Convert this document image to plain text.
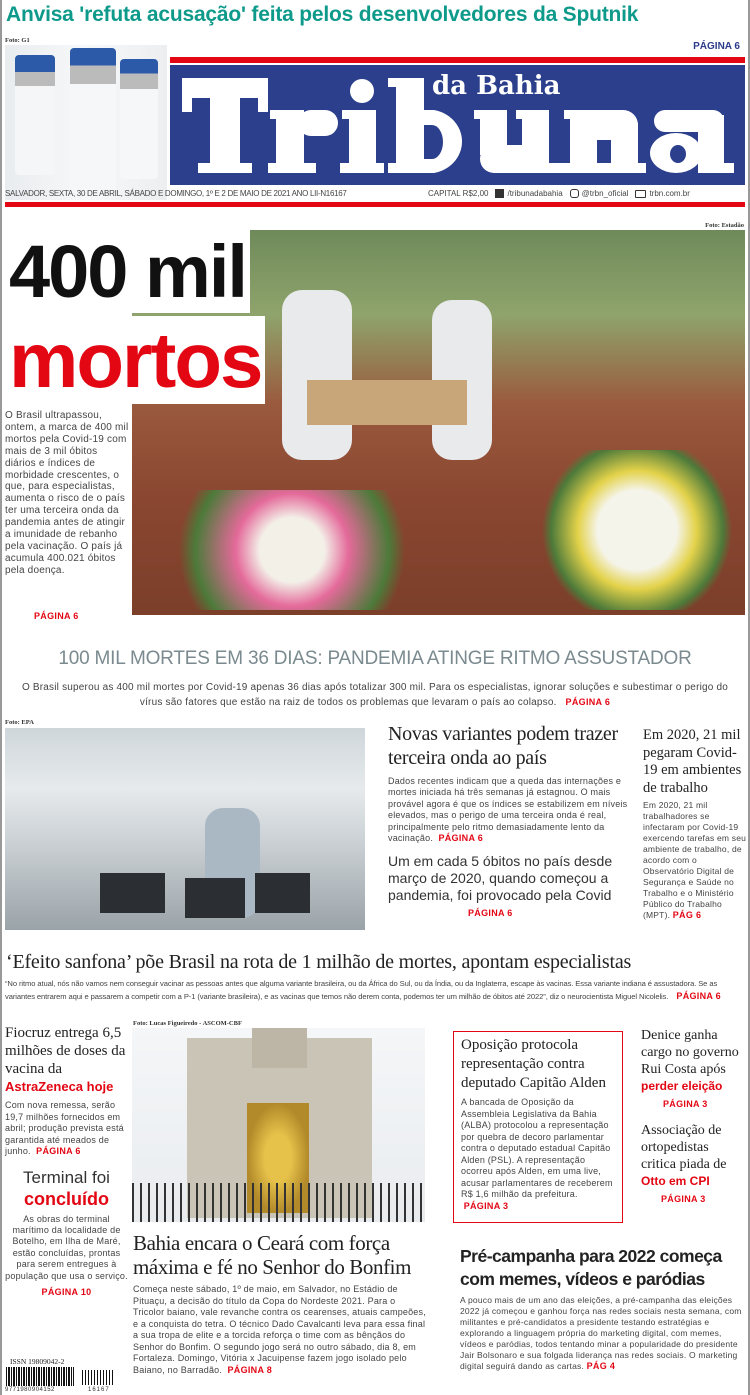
Anvisa 'refuta acusação' feita pelos desenvolvedores da Sputnik
Foto: G1
PÁGINA 6
da Bahia
SALVADOR, SEXTA, 30 DE ABRIL, SÁBADO E DOMINGO, 1º E 2 DE MAIO DE 2021 ANO LII-N16167	CAPITAL R$2,00 /tribunadabahia @trbn_oficial	trbn.com.br
Foto: Estadão
400 mil
mortos
O Brasil ultrapassou, ontem, a marca de 400 mil mortos pela Covid-19 com mais de 3 mil óbitos diários e índices de morbidade crescentes, o que, para especialistas, aumenta o risco de o país ter uma terceira onda da pandemia antes de atingir a imunidade de rebanho pela vacinação. O país já acumula 400.021 óbitos pela doença.
PÁGINA 6
100 MIL MORTES EM 36 DIAS: PANDEMIA ATINGE RITMO ASSUSTADOR
O Brasil superou as 400 mil mortes por Covid-19 apenas 36 dias após totalizar 300 mil. Para os especialistas, ignorar soluções e subestimar o perigo do vírus são fatores que estão na raiz de todos os problemas que levaram o país ao colapso. PÁGINA 6
Foto: EPA
Novas variantes podem trazer terceira onda ao país
Dados recentes indicam que a queda das internações e mortes iniciada há três semanas já estagnou. O mais provável agora é que os índices se estabilizem em níveis elevados, mas o perigo de uma terceira onda é real, principalmente pelo ritmo demasiadamente lento da vacinação. PÁGINA 6
Um em cada 5 óbitos no país desde março de 2020, quando começou a pandemia, foi provocado pela Covid
PÁGINA 6
Em 2020, 21 mil pegaram Covid-19 em ambientes de trabalho
Em 2020, 21 mil trabalhadores se infectaram por Covid-19 exercendo tarefas em seu ambiente de trabalho, de acordo com o Observatório Digital de Segurança e Saúde no Trabalho e o Ministério Público do Trabalho (MPT). PÁG 6
‘Efeito sanfona’ põe Brasil na rota de 1 milhão de mortes, apontam especialistas
“No ritmo atual, nós não vamos nem conseguir vacinar as pessoas antes que alguma variante brasileira, ou da África do Sul, ou da Índia, ou da Inglaterra, escape às vacinas. Essa variante indiana é assustadora. Se as variantes entrarem aqui e passarem a competir com a P-1 (variante brasileira), e as vacinas que temos não derem conta, podemos ter um milhão de óbitos até 2022”, diz o neurocientista Miguel Nicolelis. PÁGINA 6
Fiocruz entrega 6,5 milhões de doses da vacina da AstraZeneca hoje
Com nova remessa, serão 19,7 milhões fornecidos em abril; produção prevista está garantida até meados de junho. PÁGINA 6
Terminal foi
concluído
As obras do terminal marítimo da localidade de Botelho, em Ilha de Maré, estão concluídas, prontas para serem entregues à população que usa o serviço.
PÁGINA 10
ISSN 19809042-2
9771980904152	16167
Foto: Lucas Figueiredo - ASCOM-CBF
Bahia encara o Ceará com força máxima e fé no Senhor do Bonfim
Começa neste sábado, 1º de maio, em Salvador, no Estádio de Pituaçu, a decisão do título da Copa do Nordeste 2021. Para o Tricolor baiano, vale revanche contra os cearenses, atuais campeões, e a conquista do tetra. O técnico Dado Cavalcanti leva para essa final a sua tropa de elite e a torcida reforça o time com as bênçãos do Senhor do Bonfim. O segundo jogo será no outro sábado, dia 8, em Fortaleza. Domingo, Vitória x Jacuipense fazem jogo isolado pelo Baiano, no Barradão. PÁGINA 8
Oposição protocola representação contra deputado Capitão Alden
A bancada de Oposição da Assembleia Legislativa da Bahia (ALBA) protocolou a representação por quebra de decoro parlamentar contra o deputado estadual Capitão Alden (PSL). A representação ocorreu após Alden, em uma live, acusar parlamentares de receberem R$ 1,6 milhão da prefeitura.  PÁGINA 3
Denice ganha cargo no governo Rui Costa após perder eleição
PÁGINA 3
Associação de ortopedistas critica piada de Otto em CPI
PÁGINA 3
Pré-campanha para 2022 começa com memes, vídeos e paródias
A pouco mais de um ano das eleições, a pré-campanha das eleições 2022 já começou e ganhou força nas redes sociais nesta semana, com militantes e pré-candidatos a presidente testando estratégias e explorando a linguagem própria do marketing digital, com memes, vídeos e paródias, todos tentando minar a popularidade do presidente Jair Bolsonaro e sua folgada liderança nas redes sociais. O marketing digital seguirá dando as cartas. PÁG 4
